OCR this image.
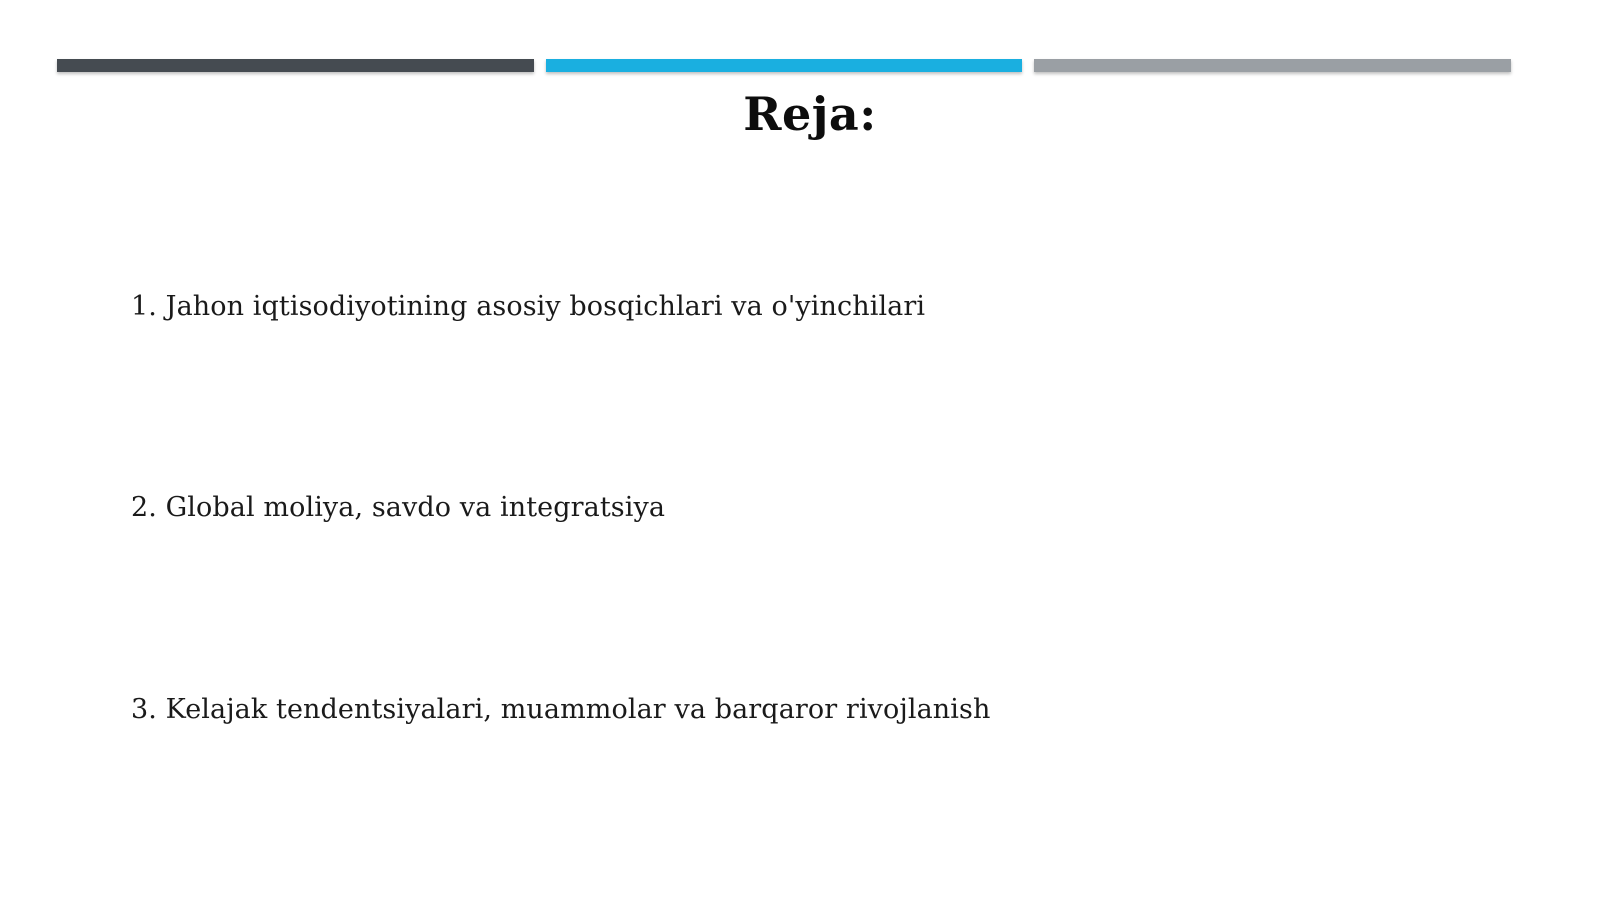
Reja:
1. Jahon iqtisodiyotining asosiy bosqichlari va o'yinchilari
2. Global moliya, savdo va integratsiya
3. Kelajak tendentsiyalari, muammolar va barqaror rivojlanish
